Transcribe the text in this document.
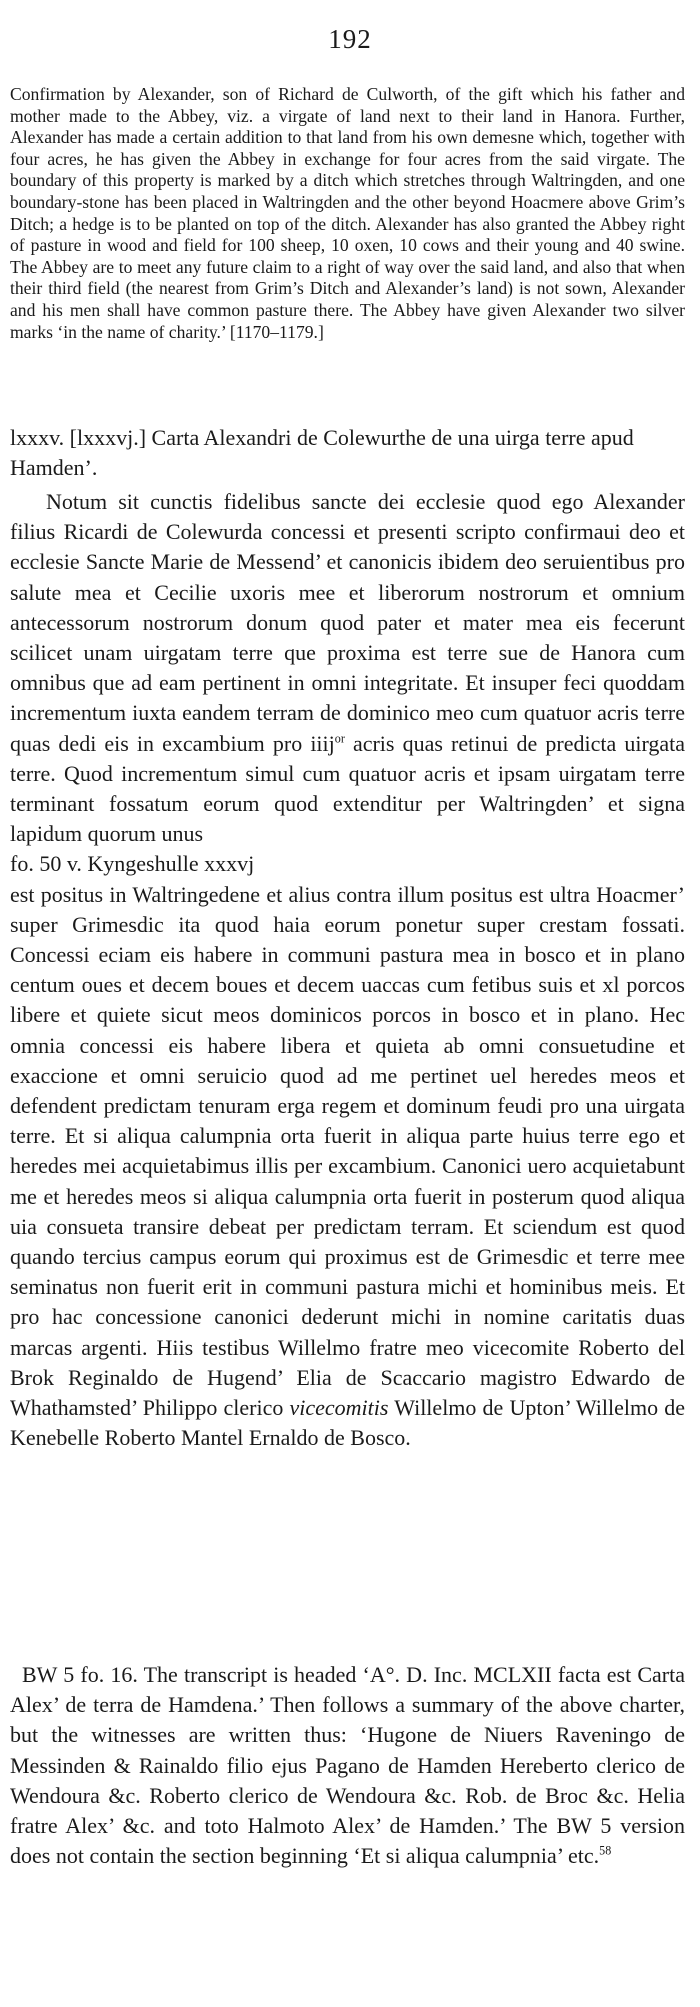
192
Confirmation by Alexander, son of Richard de Culworth, of the gift which his father and mother made to the Abbey, viz. a virgate of land next to their land in Hanora. Further, Alexander has made a certain addition to that land from his own demesne which, together with four acres, he has given the Abbey in exchange for four acres from the said virgate. The boundary of this property is marked by a ditch which stretches through Waltringden, and one boundary-stone has been placed in Waltringden and the other beyond Hoacmere above Grim’s Ditch; a hedge is to be planted on top of the ditch. Alexander has also granted the Abbey right of pasture in wood and field for 100 sheep, 10 oxen, 10 cows and their young and 40 swine. The Abbey are to meet any future claim to a right of way over the said land, and also that when their third field (the nearest from Grim’s Ditch and Alexander’s land) is not sown, Alexander and his men shall have common pasture there. The Abbey have given Alexander two silver marks ‘in the name of charity.’ [1170–1179.]
lxxxv. [lxxxvj.] Carta Alexandri de Colewurthe de una uirga terre apud Hamden’.

Notum sit cunctis fidelibus sancte dei ecclesie quod ego Alexander filius Ricardi de Colewurda concessi et presenti scripto confirmaui deo et ecclesie Sancte Marie de Messend’ et canonicis ibidem deo seruientibus pro salute mea et Cecilie uxoris mee et liberorum nostrorum et omnium antecessorum nostrorum donum quod pater et mater mea eis fecerunt scilicet unam uirgatam terre que proxima est terre sue de Hanora cum omnibus que ad eam pertinent in omni integritate. Et insuper feci quoddam incrementum iuxta eandem terram de dominico meo cum quatuor acris terre quas dedi eis in excambium pro iiij$^{or}$ acris quas retinui de predicta uirgata terre. Quod incrementum simul cum quatuor acris et ipsam uirgatam terre terminant fossatum eorum quod extenditur per Waltringden’ et signa lapidum quorum unus

fo. 50 v. Kyngeshulle xxxvj

est positus in Waltringedene et alius contra illum positus est ultra Hoacmer’ super Grimesdic ita quod haia eorum ponetur super crestam fossati. Concessi eciam eis habere in communi pastura mea in bosco et in plano centum oues et decem boues et decem uaccas cum fetibus suis et xl porcos libere et quiete sicut meos dominicos porcos in bosco et in plano. Hec omnia concessi eis habere libera et quieta ab omni consuetudine et exaccione et omni seruicio quod ad me pertinet uel heredes meos et defendent predictam tenuram erga regem et dominum feudi pro una uirgata terre. Et si aliqua calumpnia orta fuerit in aliqua parte huius terre ego et heredes mei acquietabimus illis per excambium. Canonici uero acquietabunt me et heredes meos si aliqua calumpnia orta fuerit in posterum quod aliqua uia consueta transire debeat per predictam terram. Et sciendum est quod quando tercius campus eorum qui proximus est de Grimesdic et terre mee seminatus non fuerit erit in communi pastura michi et hominibus meis. Et pro hac concessione canonici dederunt michi in nomine caritatis duas marcas argenti. Hiis testibus Willelmo fratre meo vicecomite Roberto del Brok Reginaldo de Hugend’ Elia de Scaccario magistro Edwardo de Whathamsted’ Philippo clerico vicecomitis Willelmo de Upton’ Willelmo de Kenebelle Roberto Mantel Ernaldo de Bosco.

BW 5 fo. 16. The transcript is headed ‘A°. D. Inc. MCLXII facta est Carta Alex’ de terra de Hamdena.’ Then follows a summary of the above charter, but the witnesses are written thus: ‘Hugone de Niuers Raveningo de Messinden & Rainaldo filio ejus Pagano de Hamden Hereberto clerico de Wendoura &c. Roberto clerico de Wendoura &c. Rob. de Broc &c. Helia fratre Alex’ &c. and toto Halmoto Alex’ de Hamden.’ The BW 5 version does not contain the section beginning ‘Et si aliqua calumpnia’ etc.$^{58}$
